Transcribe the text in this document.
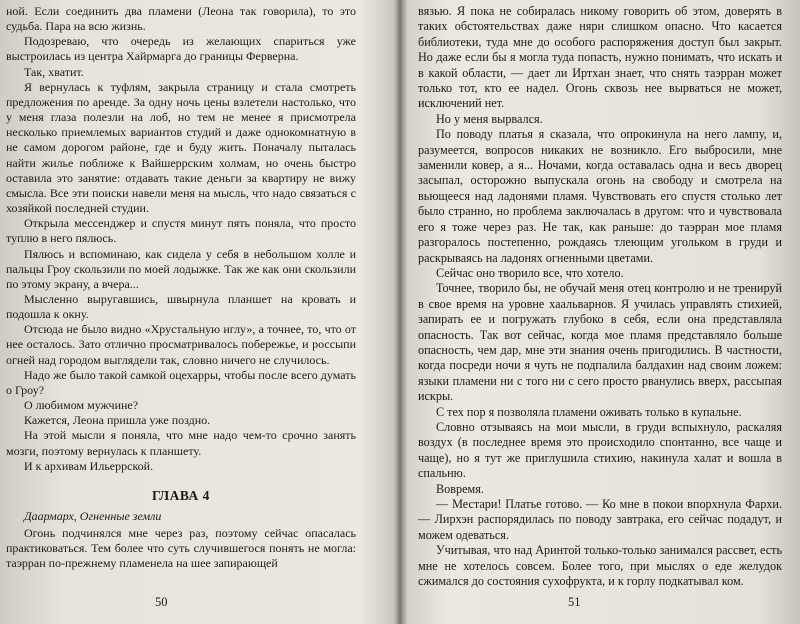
ной. Если соединить два пламени (Леона так говорила), то это судьба. Пара на всю жизнь.

Подозреваю, что очередь из желающих спариться уже выстроилась из центра Хайрмарга до границы Ферверна.

Так, хватит.

Я вернулась к туфлям, закрыла страницу и стала смотреть предложения по аренде. За одну ночь цены взлетели настолько, что у меня глаза полезли на лоб, но тем не менее я присмотрела несколько приемлемых вариантов студий и даже однокомнатную в не самом дорогом районе, где и буду жить. Поначалу пыталась найти жилье поближе к Вайшеррским холмам, но очень быстро оставила это занятие: отдавать такие деньги за квартиру не вижу смысла. Все эти поиски навели меня на мысль, что надо связаться с хозяйкой последней студии.

Открыла мессенджер и спустя минут пять поняла, что просто туплю в него пялюсь.

Пялюсь и вспоминаю, как сидела у себя в небольшом холле и пальцы Гроу скользили по моей лодыжке. Так же как они скользили по этому экрану, а вчера...

Мысленно выругавшись, швырнула планшет на кровать и подошла к окну.

Отсюда не было видно «Хрустальную иглу», а точнее, то, что от нее осталось. Зато отлично просматривалось побережье, и россыпи огней над городом выглядели так, словно ничего не случилось.

Надо же было такой самкой оцехарры, чтобы после всего думать о Гроу?

О любимом мужчине?

Кажется, Леона пришла уже поздно.

На этой мысли я поняла, что мне надо чем-то срочно занять мозги, поэтому вернулась к планшету.

И к архивам Ильеррской.

ГЛАВА 4

Даармарх, Огненные земли

Огонь подчинялся мне через раз, поэтому сейчас опасалась практиковаться. Тем более что суть случившегося понять не могла: таэрран по-прежнему пламенела на шее запирающей

50

вязью. Я пока не собиралась никому говорить об этом, доверять в таких обстоятельствах даже няри слишком опасно. Что касается библиотеки, туда мне до особого распоряжения доступ был закрыт. Но даже если бы я могла туда попасть, нужно понимать, что искать и в какой области, — дает ли Иртхан знает, что снять таэрран может только тот, кто ее надел. Огонь сквозь нее вырваться не может, исключений нет.

Но у меня вырвался.

По поводу платья я сказала, что опрокинула на него лампу, и, разумеется, вопросов никаких не возникло. Его выбросили, мне заменили ковер, а я... Ночами, когда оставалась одна и весь дворец засыпал, осторожно выпускала огонь на свободу и смотрела на вьющееся над ладонями пламя. Чувствовать его спустя столько лет было странно, но проблема заключалась в другом: что и чувствовала его я тоже через раз. Не так, как раньше: до таэрран мое пламя разгоралось постепенно, рождаясь тлеющим угольком в груди и раскрываясь на ладонях огненными цветами.

Сейчас оно творило все, что хотело.

Точнее, творило бы, не обучай меня отец контролю и не тренируй в свое время на уровне хаальварнов. Я училась управлять стихией, запирать ее и погружать глубоко в себя, если она представляла опасность. Так вот сейчас, когда мое пламя представляло больше опасность, чем дар, мне эти знания очень пригодились. В частности, когда посреди ночи я чуть не подпалила балдахин над своим ложем: языки пламени ни с того ни с сего просто рванулись вверх, рассыпая искры.

С тех пор я позволяла пламени оживать только в купальне.

Словно отзываясь на мои мысли, в груди вспыхнуло, раскаляя воздух (в последнее время это происходило спонтанно, все чаще и чаще), но я тут же приглушила стихию, накинула халат и вошла в спальню.

Вовремя.

— Местари! Платье готово. — Ко мне в покои впорхнула Фархи. — Лирхэн распорядилась по поводу завтрака, его сейчас подадут, и можем одеваться.

Учитывая, что над Аринтой только-только занимался рассвет, есть мне не хотелось совсем. Более того, при мыслях о еде желудок сжимался до состояния сухофрукта, и к горлу подкатывал ком.

51
